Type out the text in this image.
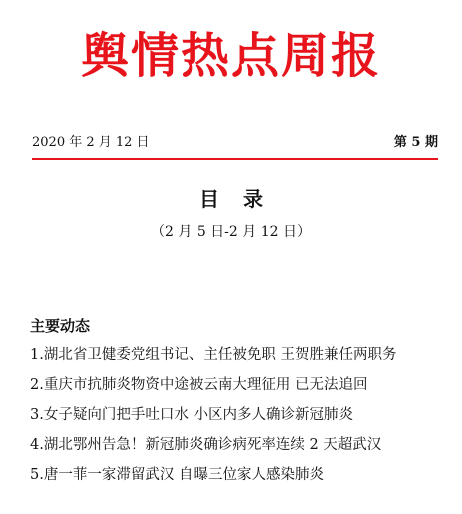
舆情热点周报
2020 年 2 月 12 日	第 5 期
目录
（2 月 5 日-2 月 12 日）
主要动态
1.湖北省卫健委党组书记、主任被免职 王贺胜兼任两职务
2.重庆市抗肺炎物资中途被云南大理征用 已无法追回
3.女子疑向门把手吐口水 小区内多人确诊新冠肺炎
4.湖北鄂州告急！新冠肺炎确诊病死率连续 2 天超武汉
5.唐一菲一家滞留武汉 自曝三位家人感染肺炎
